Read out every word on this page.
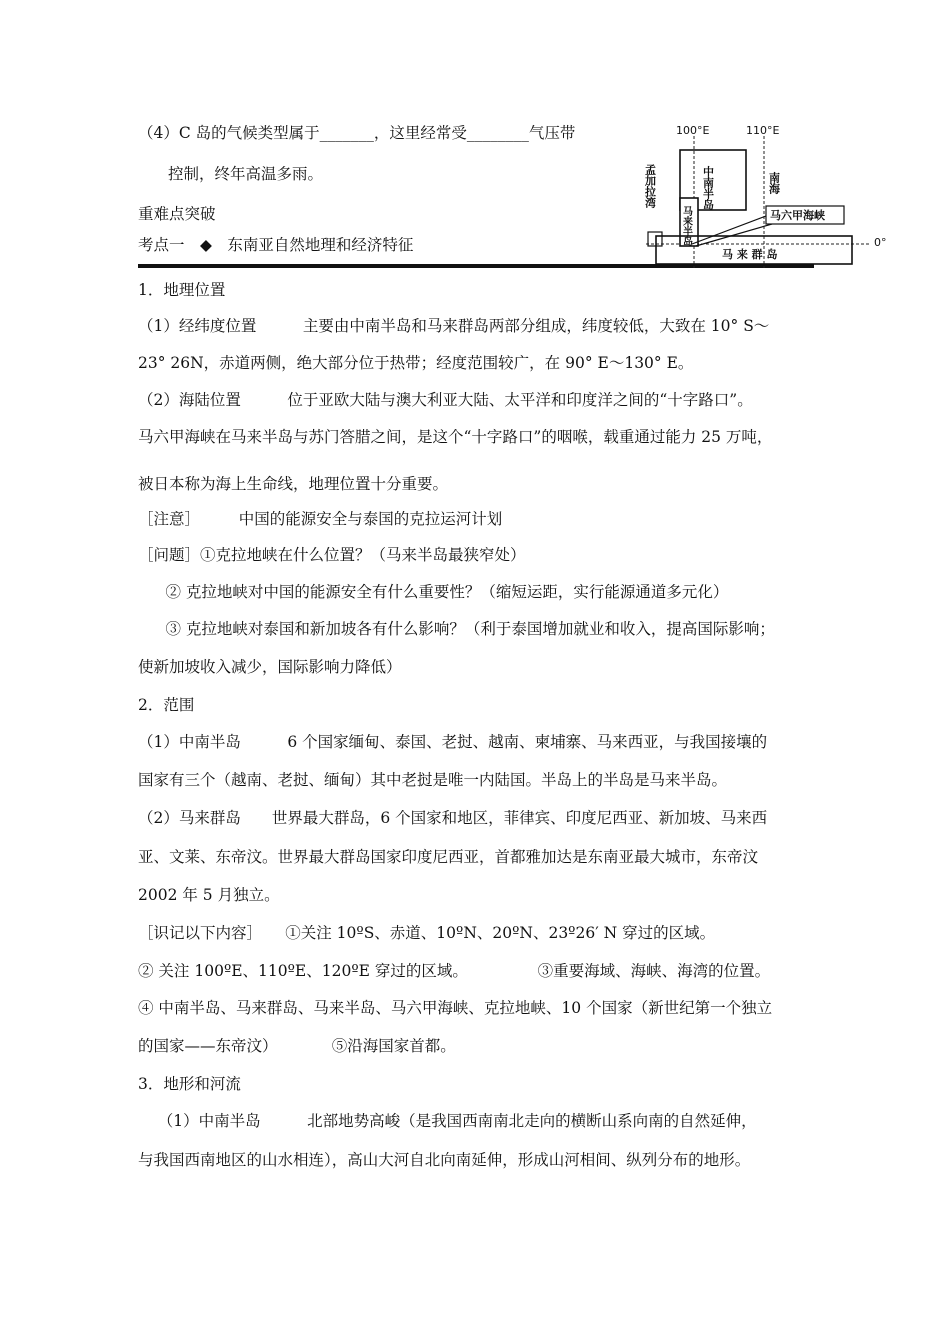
（4）C 岛的气候类型属于_______，这里经常受________气压带
控制，终年高温多雨。
重难点突破
考点一　◆　东南亚自然地理和经济特征
100°E	110°E
0°
马六甲海峡
马 来 群 岛
孟加拉湾	中南半岛
马来半岛
南海
1．地理位置
（1）经纬度位置　　　主要由中南半岛和马来群岛两部分组成，纬度较低，大致在 10° S～
23° 26N，赤道两侧，绝大部分位于热带；经度范围较广，在 90° E～130° E。
（2）海陆位置　　　位于亚欧大陆与澳大利亚大陆、太平洋和印度洋之间的“十字路口”。
马六甲海峡在马来半岛与苏门答腊之间，是这个“十字路口”的咽喉，载重通过能力 25 万吨，
被日本称为海上生命线，地理位置十分重要。
［注意］　　　中国的能源安全与泰国的克拉运河计划
［问题］①克拉地峡在什么位置？（马来半岛最狭窄处）
　② 克拉地峡对中国的能源安全有什么重要性？（缩短运距，实行能源通道多元化）
　③ 克拉地峡对泰国和新加坡各有什么影响？（利于泰国增加就业和收入，提高国际影响；
使新加坡收入减少，国际影响力降低）
2．范围
（1）中南半岛　　　6 个国家缅甸、泰国、老挝、越南、柬埔寨、马来西亚，与我国接壤的
国家有三个（越南、老挝、缅甸）其中老挝是唯一内陆国。半岛上的半岛是马来半岛。
（2）马来群岛　　世界最大群岛，6 个国家和地区，菲律宾、印度尼西亚、新加坡、马来西
亚、文莱、东帝汶。世界最大群岛国家印度尼西亚，首都雅加达是东南亚最大城市，东帝汶
2002 年 5 月独立。
［识记以下内容］　　①关注 10ºS、赤道、10ºN、20ºN、23º26′ N 穿过的区域。
② 关注 100ºE、110ºE、120ºE 穿过的区域。　　　　　③重要海域、海峡、海湾的位置。
④ 中南半岛、马来群岛、马来半岛、马六甲海峡、克拉地峡、10 个国家（新世纪第一个独立
的国家——东帝汶）　　　　⑤沿海国家首都。
3．地形和河流
　（1）中南半岛　　　北部地势高峻（是我国西南南北走向的横断山系向南的自然延伸，
与我国西南地区的山水相连），高山大河自北向南延伸，形成山河相间、纵列分布的地形。
